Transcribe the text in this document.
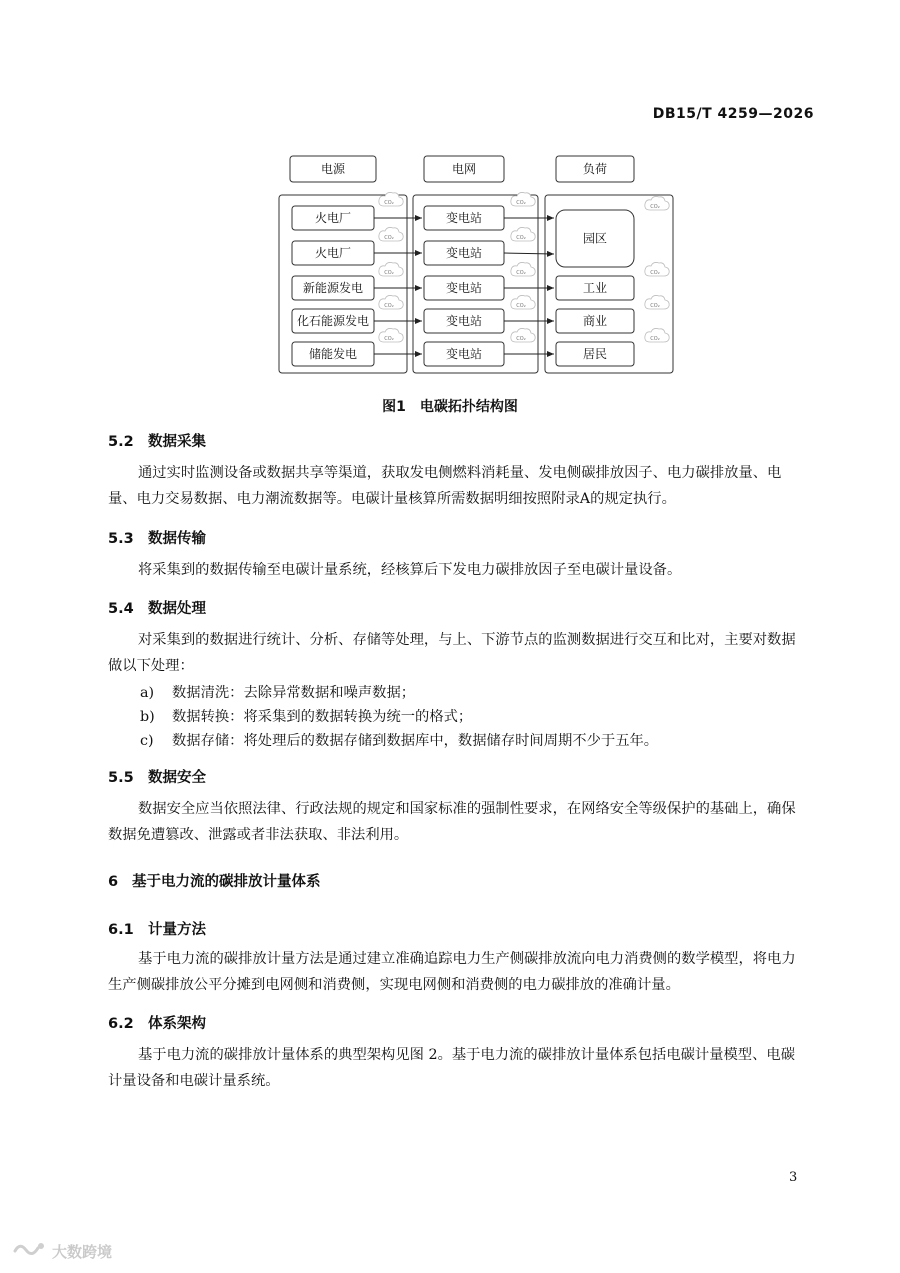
DB15/T 4259—2026
电源	电网	负荷
火电厂
CO₂
火电厂
CO₂
新能源发电
CO₂
化石能源发电
CO₂
储能发电
CO₂
变电站
CO₂
变电站
CO₂
变电站
CO₂
变电站
CO₂
变电站
CO₂
园区
CO₂
工业
CO₂
商业
CO₂
居民
CO₂
图1 电碳拓扑结构图
5.2 数据采集

通过实时监测设备或数据共享等渠道，获取发电侧燃料消耗量、发电侧碳排放因子、电力碳排放量、电量、电力交易数据、电力潮流数据等。电碳计量核算所需数据明细按照附录A的规定执行。

5.3 数据传输

将采集到的数据传输至电碳计量系统，经核算后下发电力碳排放因子至电碳计量设备。

5.4 数据处理

对采集到的数据进行统计、分析、存储等处理，与上、下游节点的监测数据进行交互和比对，主要对数据做以下处理：

a) 数据清洗：去除异常数据和噪声数据；
b) 数据转换：将采集到的数据转换为统一的格式；
c) 数据存储：将处理后的数据存储到数据库中，数据储存时间周期不少于五年。
5.5 数据安全

数据安全应当依照法律、行政法规的规定和国家标准的强制性要求，在网络安全等级保护的基础上，确保数据免遭篡改、泄露或者非法获取、非法利用。

6 基于电力流的碳排放计量体系
6.1 计量方法

基于电力流的碳排放计量方法是通过建立准确追踪电力生产侧碳排放流向电力消费侧的数学模型，将电力生产侧碳排放公平分摊到电网侧和消费侧，实现电网侧和消费侧的电力碳排放的准确计量。

6.2 体系架构

基于电力流的碳排放计量体系的典型架构见图 2。基于电力流的碳排放计量体系包括电碳计量模型、电碳计量设备和电碳计量系统。

3
大数跨境
